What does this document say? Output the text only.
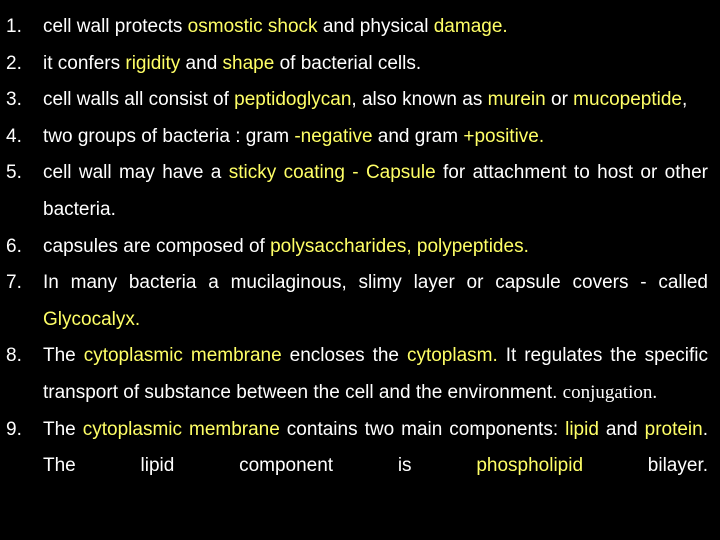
1. cell wall protects osmostic shock and physical damage.
2. it confers rigidity and shape of bacterial cells.
3. cell walls all consist of peptidoglycan, also known as murein or mucopeptide,
4. two groups of bacteria : gram -negative and gram +positive.
5. cell wall may have a sticky coating - Capsule for attachment to host or other bacteria.
6. capsules are composed of polysaccharides, polypeptides.
7. In many bacteria a mucilaginous, slimy layer or capsule covers - called Glycocalyx.
8. The cytoplasmic membrane encloses the cytoplasm. It regulates the specific transport of substance between the cell and the environment. conjugation.
9. The cytoplasmic membrane contains two main components: lipid and protein. The lipid component is phospholipid bilayer.
